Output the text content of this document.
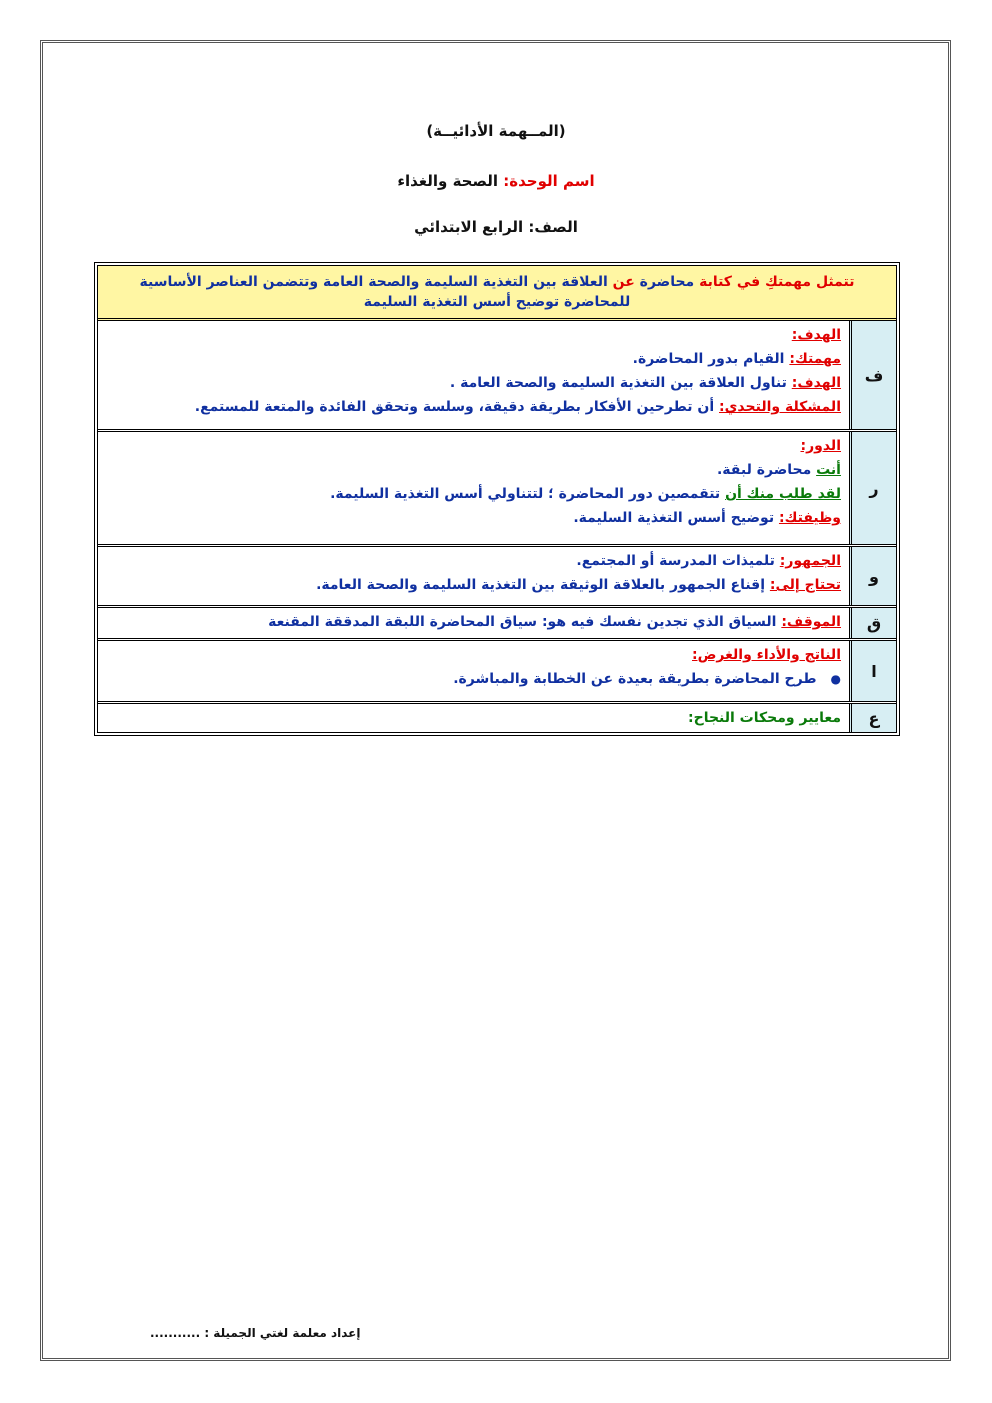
(المــهمة الأدائيــة)
اسم الوحدة: الصحة والغذاء
الصف: الرابع الابتدائي
تتمثل مهمتكِ في كتابة محاضرة عن العلاقة بين التغذية السليمة والصحة العامة وتتضمن العناصر الأساسية للمحاضرة توضيح أسس التغذية السليمة
ف

الهدف:

مهمتك: القيام بدور المحاضرة.

الهدف: تناول العلاقة بين التغذية السليمة والصحة العامة .

المشكلة والتحدي: أن تطرحين الأفكار بطريقة دقيقة، وسلسة وتحقق الفائدة والمتعة للمستمع.

ر

الدور:

أنت محاضرة لبقة.

لقد طلب منك أن تتقمصين دور المحاضرة ؛ لتتناولي أسس التغذية السليمة.

وظيفتك: توضيح أسس التغذية السليمة.

و

الجمهور: تلميذات المدرسة أو المجتمع.

تحتاج إلى: إقناع الجمهور بالعلاقة الوثيقة بين التغذية السليمة والصحة العامة.

ق

الموقف: السياق الذي تجدين نفسك فيه هو: سياق المحاضرة اللبقة المدققة المقنعة

ا

الناتج والأداء والغرض:

●طرح المحاضرة بطريقة بعيدة عن الخطابة والمباشرة.

ع

معايير ومحكات النجاح:

إعداد معلمة لغتي الجميلة : ...........
